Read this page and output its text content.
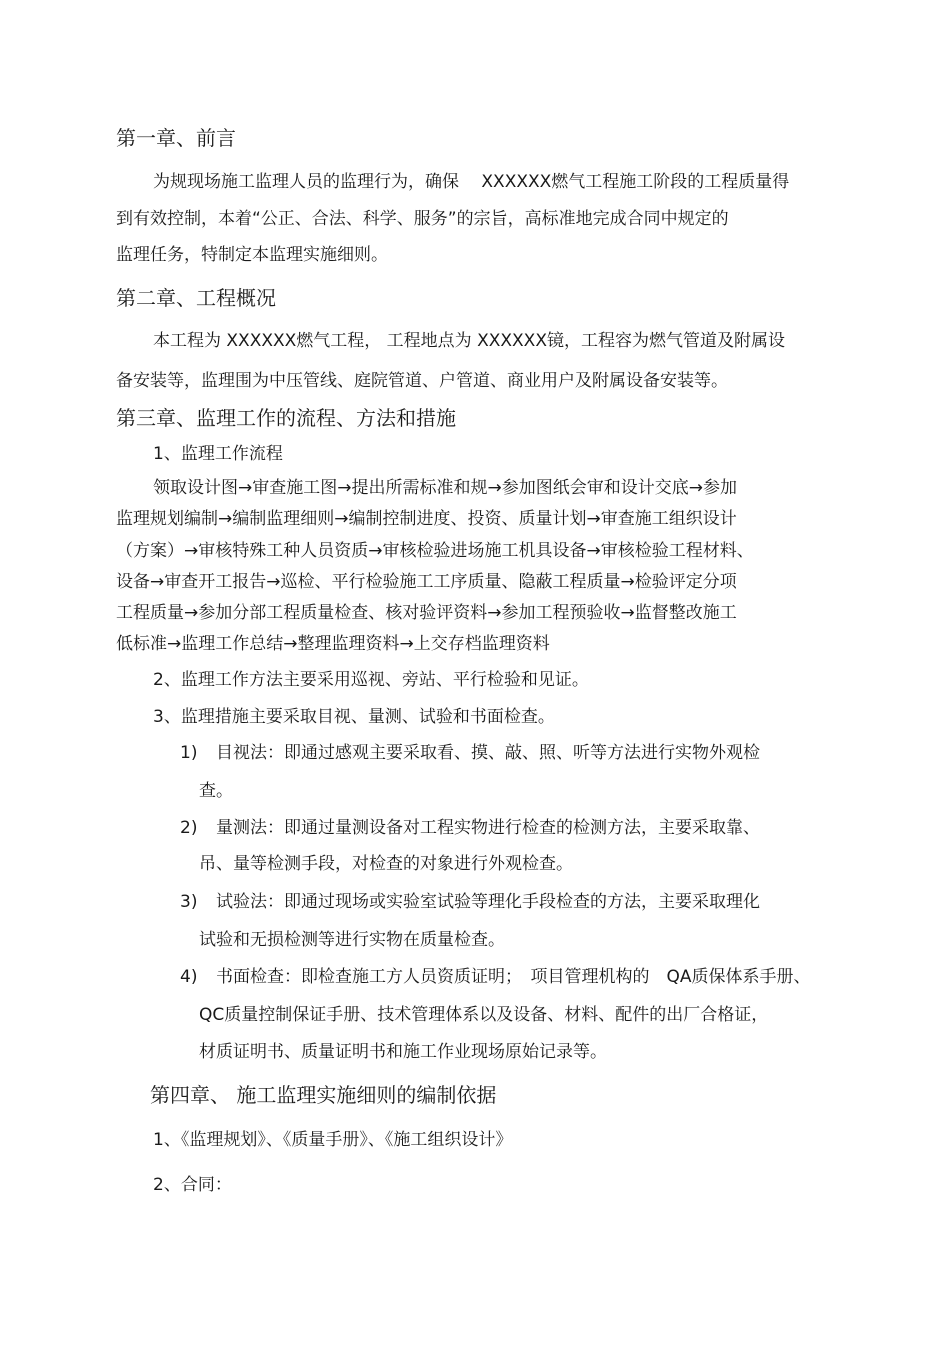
第一章、前言
为规现场施工监理人员的监理行为，确保　 XXXXXX燃气工程施工阶段的工程质量得
到有效控制，本着“公正、合法、科学、服务”的宗旨，高标准地完成合同中规定的
监理任务，特制定本监理实施细则。
第二章、工程概况
本工程为 XXXXXX燃气工程， 工程地点为 XXXXXX镜，工程容为燃气管道及附属设
备安装等，监理围为中压管线、庭院管道、户管道、商业用户及附属设备安装等。
第三章、监理工作的流程、方法和措施
1、监理工作流程
领取设计图→审查施工图→提出所需标准和规→参加图纸会审和设计交底→参加
监理规划编制→编制监理细则→编制控制进度、投资、质量计划→审查施工组织设计
（方案）→审核特殊工种人员资质→审核检验进场施工机具设备→审核检验工程材料、
设备→审查开工报告→巡检、平行检验施工工序质量、隐蔽工程质量→检验评定分项
工程质量→参加分部工程质量检查、核对验评资料→参加工程预验收→监督整改施工
低标准→监理工作总结→整理监理资料→上交存档监理资料
2、监理工作方法主要采用巡视、旁站、平行检验和见证。
3、监理措施主要采取目视、量测、试验和书面检查。
1) 目视法：即通过感观主要采取看、摸、敲、照、听等方法进行实物外观检
查。
2) 量测法：即通过量测设备对工程实物进行检查的检测方法，主要采取靠、
吊、量等检测手段，对检查的对象进行外观检查。
3) 试验法：即通过现场或实验室试验等理化手段检查的方法，主要采取理化
试验和无损检测等进行实物在质量检查。
4) 书面检查：即检查施工方人员资质证明；　项目管理机构的　QA质保体系手册、
QC质量控制保证手册、技术管理体系以及设备、材料、配件的出厂合格证，
材质证明书、质量证明书和施工作业现场原始记录等。
第四章、 施工监理实施细则的编制依据
1、《监理规划》、《质量手册》、《施工组织设计》
2、合同：
